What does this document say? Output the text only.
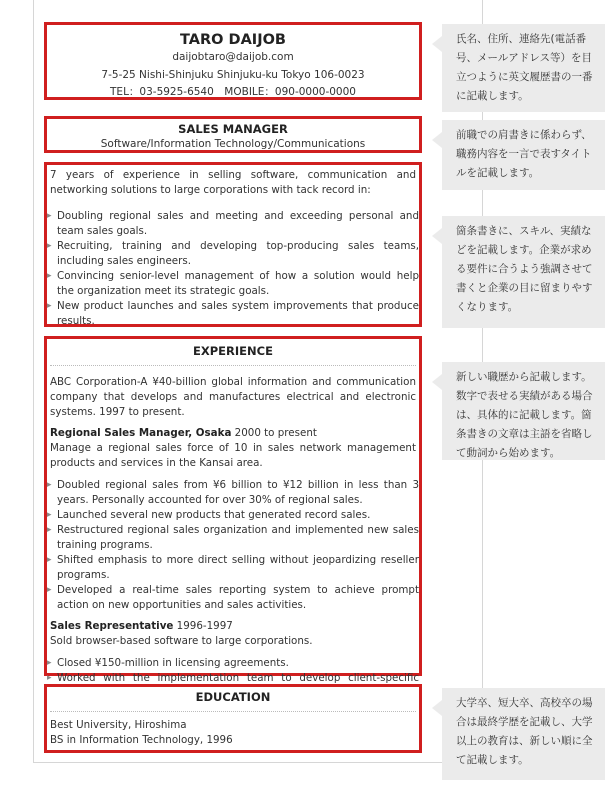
TARO DAIJOB
daijobtaro@daijob.com
7-5-25 Nishi-Shinjuku Shinjuku-ku Tokyo 106-0023
TEL：03-5925-6540　MOBILE：090-0000-0000
SALES MANAGER
Software/Information Technology/Communications
7 years of experience in selling software, communication and networking solutions to large corporations with tack record in:
▸ Doubling regional sales and meeting and exceeding personal and team sales goals.
▸ Recruiting, training and developing top-producing sales teams, including sales engineers.
▸ Convincing senior-level management of how a solution would help the organization meet its strategic goals.
▸ New product launches and sales system improvements that produce results.
EXPERIENCE
ABC Corporation-A ¥40-billion global information and communication company that develops and manufactures electrical and electronic systems. 1997 to present.
Regional Sales Manager, Osaka 2000 to present
Manage a regional sales force of 10 in sales network management products and services in the Kansai area.
▸ Doubled regional sales from ¥6 billion to ¥12 billion in less than 3 years. Personally accounted for over 30% of regional sales.
▸ Launched several new products that generated record sales.
▸ Restructured regional sales organization and implemented new sales training programs.
▸ Shifted emphasis to more direct selling without jeopardizing reseller programs.
▸ Developed a real-time sales reporting system to achieve prompt action on new opportunities and sales activities.
Sales Representative 1996-1997
Sold browser-based software to large corporations.
▸ Closed ¥150-million in licensing agreements.
▸ Worked with the implementation team to develop client-specific
EDUCATION
Best University, Hiroshima
BS in Information Technology, 1996
氏名、住所、連絡先(電話番号、メールアドレス等）を目立つように英文履歴書の一番に記載します。
前職での肩書きに係わらず、職務内容を一言で表すタイトルを記載します。
箇条書きに、スキル、実績などを記載します。企業が求める要件に合うよう強調させて書くと企業の目に留まりやすくなります。
新しい職歴から記載します。数字で表せる実績がある場合は、具体的に記載します。箇条書きの文章は主語を省略して動詞から始めます。
大学卒、短大卒、高校卒の場合は最終学歴を記載し、大学以上の教育は、新しい順に全て記載します。
